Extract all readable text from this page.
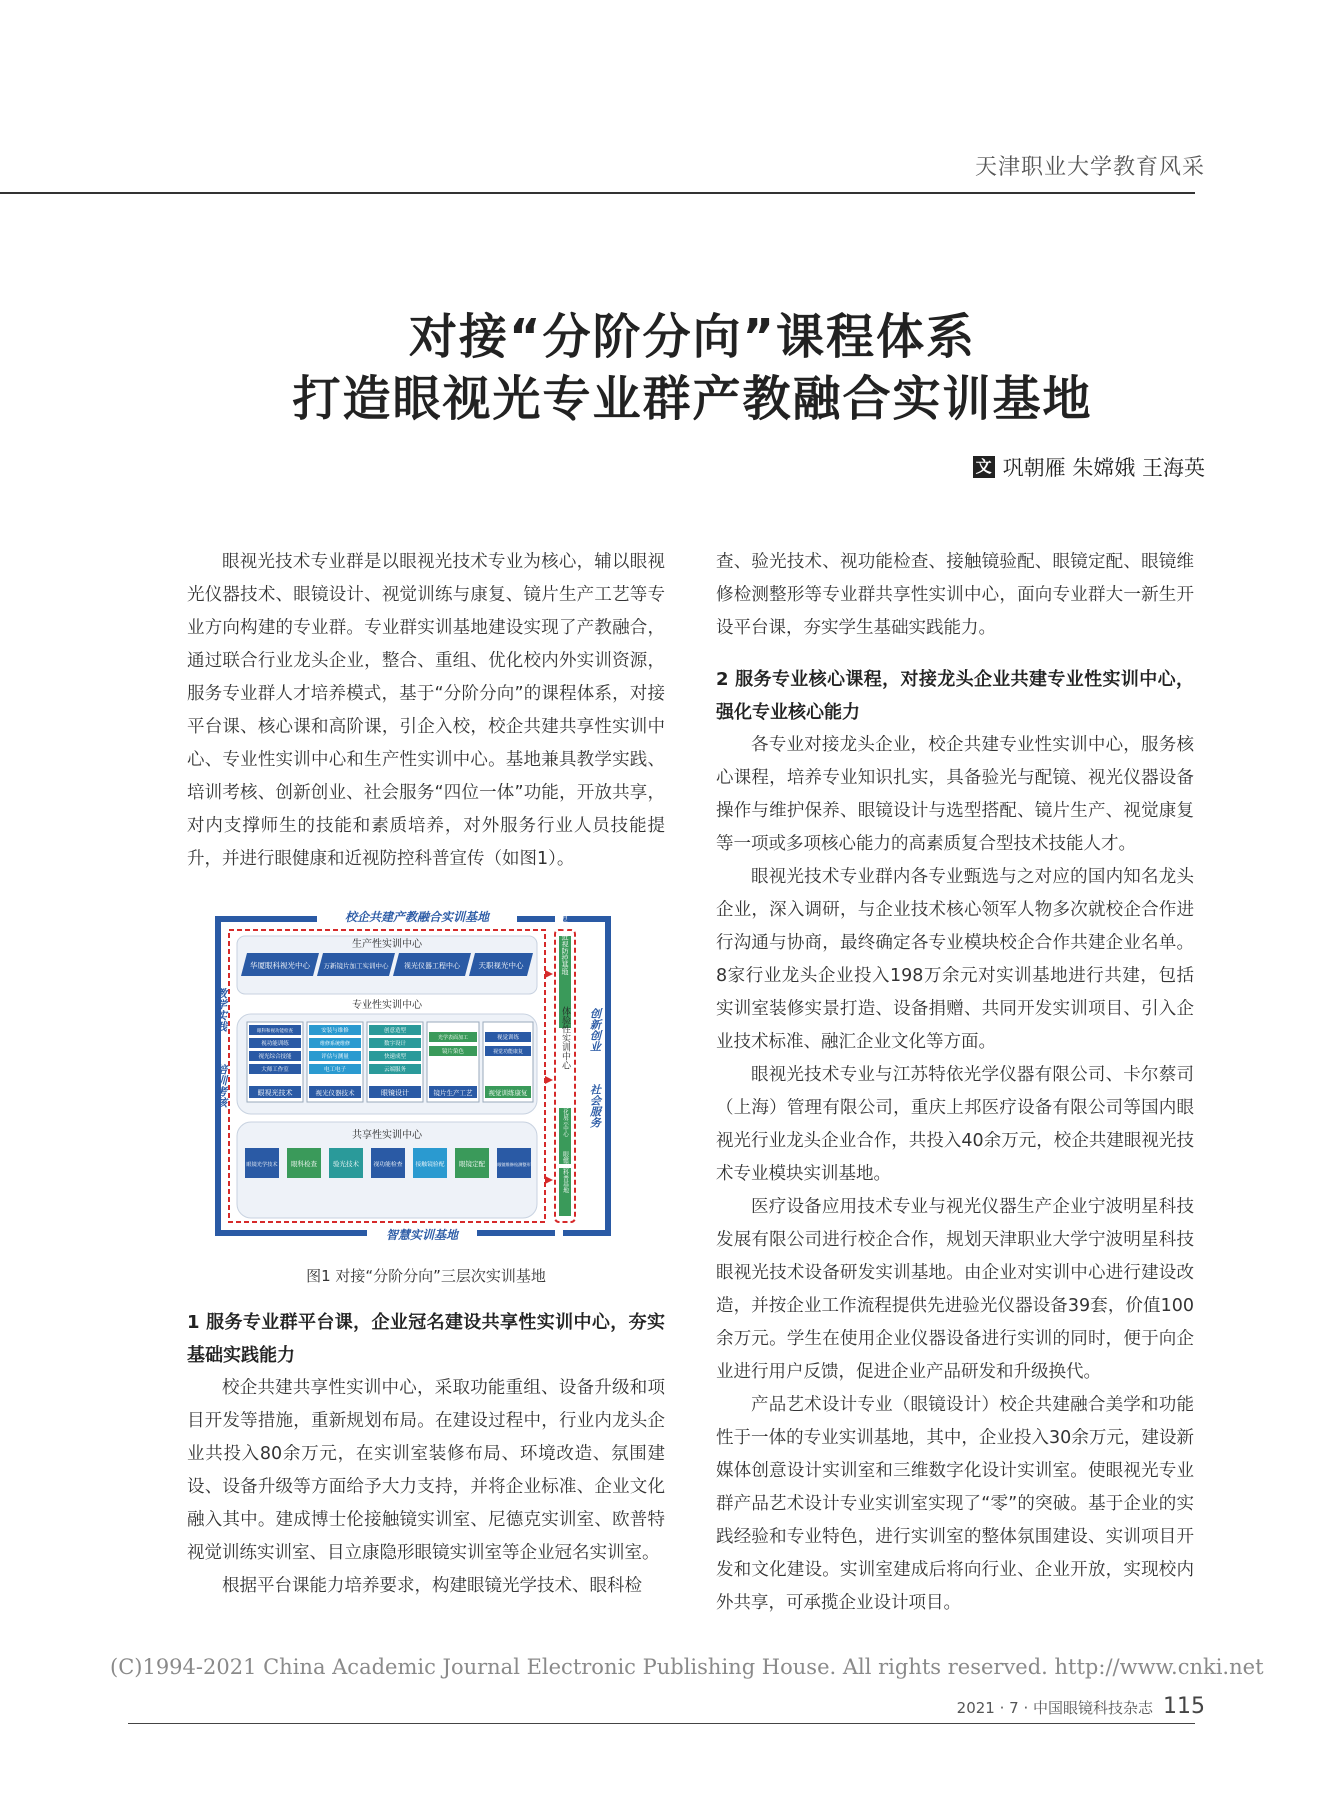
天津职业大学教育风采
对接“分阶分向”课程体系
打造眼视光专业群产教融合实训基地
文 巩朝雁 朱嫦娥 王海英

眼视光技术专业群是以眼视光技术专业为核心，辅以眼视光仪器技术、眼镜设计、视觉训练与康复、镜片生产工艺等专业方向构建的专业群。专业群实训基地建设实现了产教融合，通过联合行业龙头企业，整合、重组、优化校内外实训资源，服务专业群人才培养模式，基于“分阶分向”的课程体系，对接平台课、核心课和高阶课，引企入校，校企共建共享性实训中心、专业性实训中心和生产性实训中心。基地兼具教学实践、培训考核、创新创业、社会服务“四位一体”功能，开放共享，对内支撑师生的技能和素质培养，对外服务行业人员技能提升，并进行眼健康和近视防控科普宣传（如图1）。

校企共建产教融合实训基地
智慧实训基地
生产性实训中心
华厦眼科视光中心 万新镜片加工实训中心 视光仪器工程中心 天职视光中心
专业性实训中心
眼科和视功能检查
视功能训练
视光综合技能
大师工作室
眼视光技术
安装与维修
维修系统维修
评估与测量
电工电子
视光仪器技术
创意造型
数字设计
快速成型
云端服务
眼镜设计
光学表面加工
镜片染色
镜片生产工艺
视觉训练
视觉功能康复
视觉训练康复
共享性实训中心
眼镜光学技术 眼科检查 验光技术	视功能检查 接触镜验配 眼镜定配	眼镜维修检测整形
青少年近视防控基地
体验性实训中心
眼视光文化展示中心
眼健康科普基地
教学实践
培训考核
创新创业
社会服务
图1 对接“分阶分向”三层次实训基地
1 服务专业群平台课，企业冠名建设共享性实训中心，夯实基础实践能力

校企共建共享性实训中心，采取功能重组、设备升级和项目开发等措施，重新规划布局。在建设过程中，行业内龙头企业共投入80余万元，在实训室装修布局、环境改造、氛围建设、设备升级等方面给予大力支持，并将企业标准、企业文化融入其中。建成博士伦接触镜实训室、尼德克实训室、欧普特视觉训练实训室、目立康隐形眼镜实训室等企业冠名实训室。

根据平台课能力培养要求，构建眼镜光学技术、眼科检

查、验光技术、视功能检查、接触镜验配、眼镜定配、眼镜维修检测整形等专业群共享性实训中心，面向专业群大一新生开设平台课，夯实学生基础实践能力。

2 服务专业核心课程，对接龙头企业共建专业性实训中心，强化专业核心能力

各专业对接龙头企业，校企共建专业性实训中心，服务核心课程，培养专业知识扎实，具备验光与配镜、视光仪器设备操作与维护保养、眼镜设计与选型搭配、镜片生产、视觉康复等一项或多项核心能力的高素质复合型技术技能人才。

眼视光技术专业群内各专业甄选与之对应的国内知名龙头企业，深入调研，与企业技术核心领军人物多次就校企合作进行沟通与协商，最终确定各专业模块校企合作共建企业名单。8家行业龙头企业投入198万余元对实训基地进行共建，包括实训室装修实景打造、设备捐赠、共同开发实训项目、引入企业技术标准、融汇企业文化等方面。

眼视光技术专业与江苏特依光学仪器有限公司、卡尔蔡司（上海）管理有限公司，重庆上邦医疗设备有限公司等国内眼视光行业龙头企业合作，共投入40余万元，校企共建眼视光技术专业模块实训基地。

医疗设备应用技术专业与视光仪器生产企业宁波明星科技发展有限公司进行校企合作，规划天津职业大学宁波明星科技眼视光技术设备研发实训基地。由企业对实训中心进行建设改造，并按企业工作流程提供先进验光仪器设备39套，价值100余万元。学生在使用企业仪器设备进行实训的同时，便于向企业进行用户反馈，促进企业产品研发和升级换代。

产品艺术设计专业（眼镜设计）校企共建融合美学和功能性于一体的专业实训基地，其中，企业投入30余万元，建设新媒体创意设计实训室和三维数字化设计实训室。使眼视光专业群产品艺术设计专业实训室实现了“零”的突破。基于企业的实践经验和专业特色，进行实训室的整体氛围建设、实训项目开发和文化建设。实训室建成后将向行业、企业开放，实现校内外共享，可承揽企业设计项目。

(C)1994-2021 China Academic Journal Electronic Publishing House. All rights reserved. http://www.cnki.net
2021 · 7 · 中国眼镜科技杂志 115
